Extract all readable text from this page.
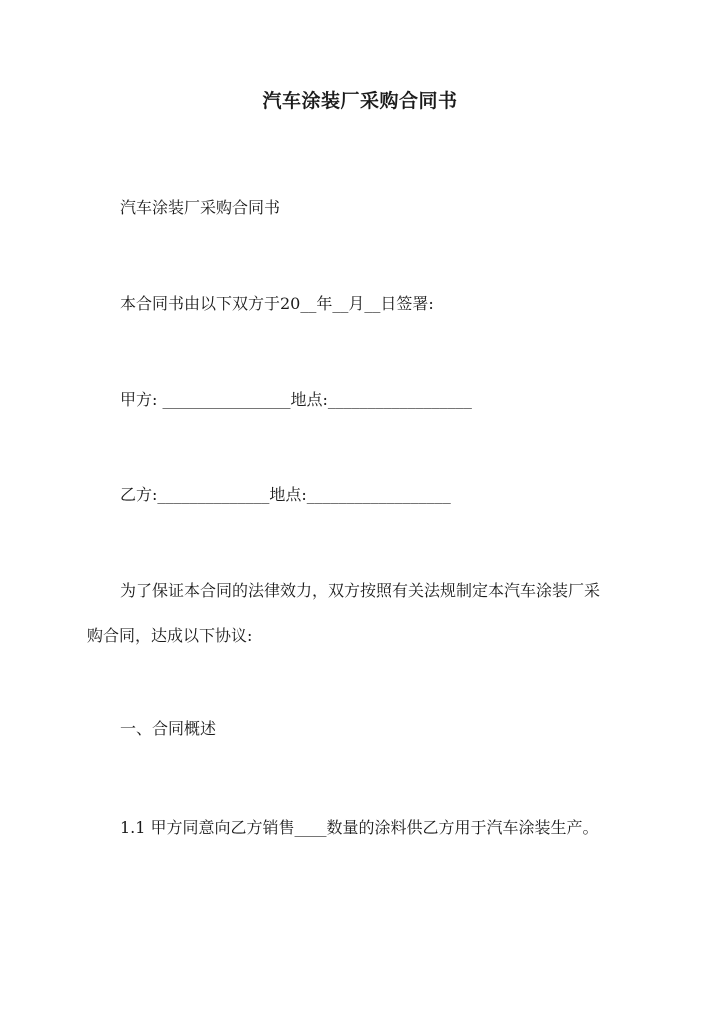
汽车涂装厂采购合同书

汽车涂装厂采购合同书

本合同书由以下双方于20__年__月__日签署:

甲方: ________________地点:__________________

乙方:______________地点:__________________

为了保证本合同的法律效力，双方按照有关法规制定本汽车涂装厂采

购合同，达成以下协议:

一、合同概述

1.1 甲方同意向乙方销售____数量的涂料供乙方用于汽车涂装生产。
